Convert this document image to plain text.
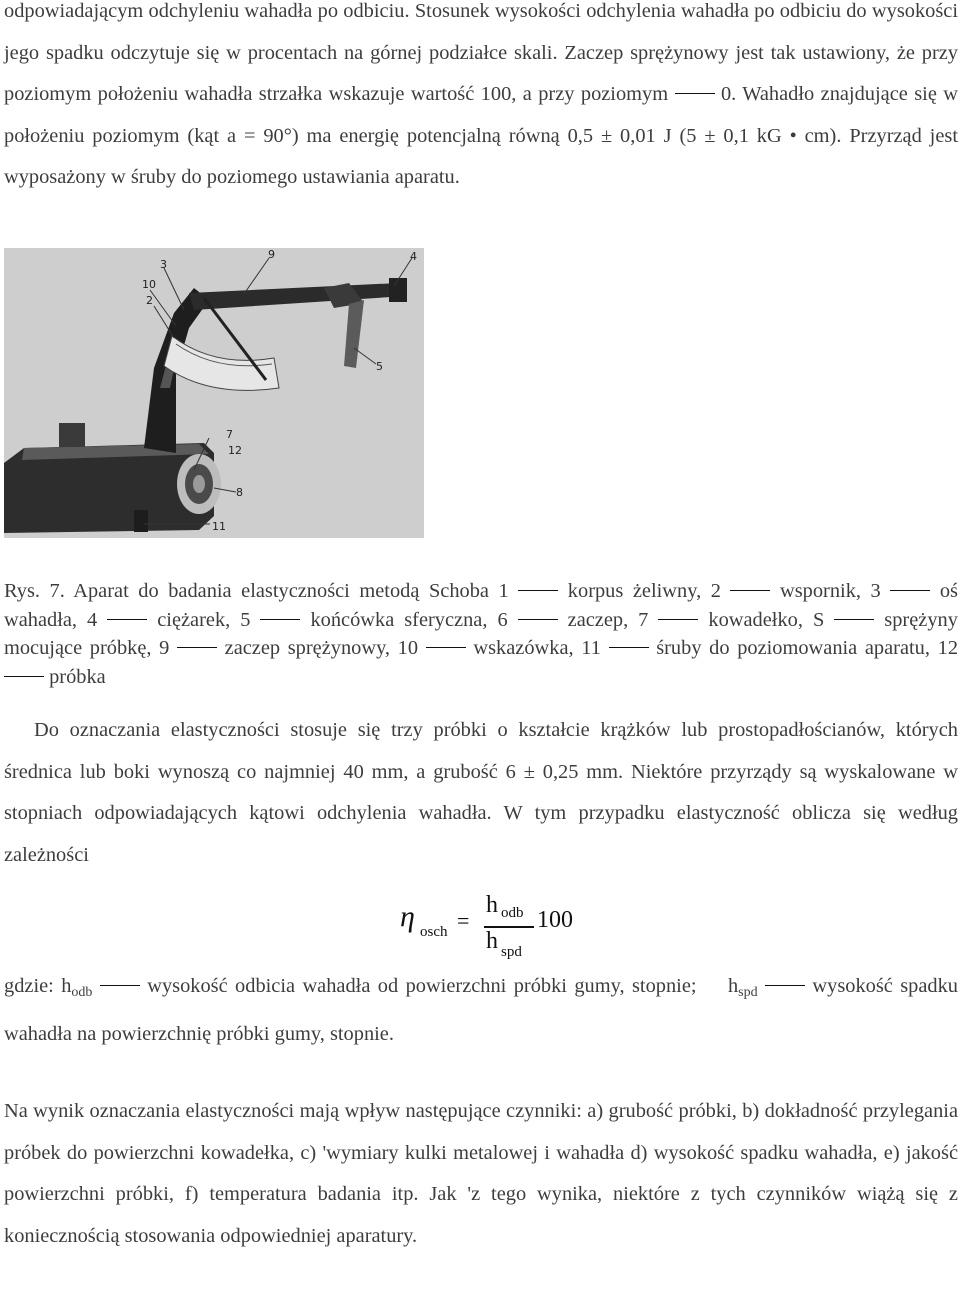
odpowiadającym odchyleniu wahadła po odbiciu. Stosunek wysokości odchylenia wahadła po odbiciu do wysokości jego spadku odczytuje się w procentach na górnej podziałce skali. Zaczep sprężynowy jest tak ustawiony, że przy poziomym położeniu wahadła strzałka wskazuje wartość 100, a przy poziomym	0. Wahadło znajdujące się w położeniu poziomym (kąt a = 90°) ma energię potencjalną równą 0,5 ± 0,01 J (5 ± 0,1 kG • cm). Przyrząd jest wyposażony w śruby do poziomego ustawiania aparatu.

3
10
2
9	4
5
7
12
8
11

Rys. 7. Aparat do badania elastyczności metodą Schoba 1	korpus żeliwny, 2	wspornik, 3	oś wahadła, 4	ciężarek, 5	końcówka sferyczna, 6	zaczep, 7	kowadełko, S	sprężyny mocujące próbkę, 9	zaczep sprężynowy, 10	wskazówka, 11	śruby do poziomowania aparatu, 12  próbka

Do oznaczania elastyczności stosuje się trzy próbki o kształcie krążków lub prostopadłościanów, których średnica lub boki wynoszą co najmniej 40 mm, a grubość 6 ± 0,25 mm. Niektóre przyrządy są wyskalowane w stopniach odpowiadających kątowi odchylenia wahadła. W tym przypadku elastyczność oblicza się według zależności

η osch =
h odb
h spd
100

gdzie: $h_{odb}$	wysokość odbicia wahadła od powierzchni próbki gumy, stopnie; $h_{spd}$	wysokość spadku wahadła na powierzchnię próbki gumy, stopnie.

Na wynik oznaczania elastyczności mają wpływ następujące czynniki: a) grubość próbki, b) dokładność przylegania próbek do powierzchni kowadełka, c) 'wymiary kulki metalowej i wahadła d) wysokość spadku wahadła, e) jakość powierzchni próbki, f) temperatura badania itp. Jak 'z tego wynika, niektóre z tych czynników wiążą się z koniecznością stosowania odpowiedniej aparatury.
